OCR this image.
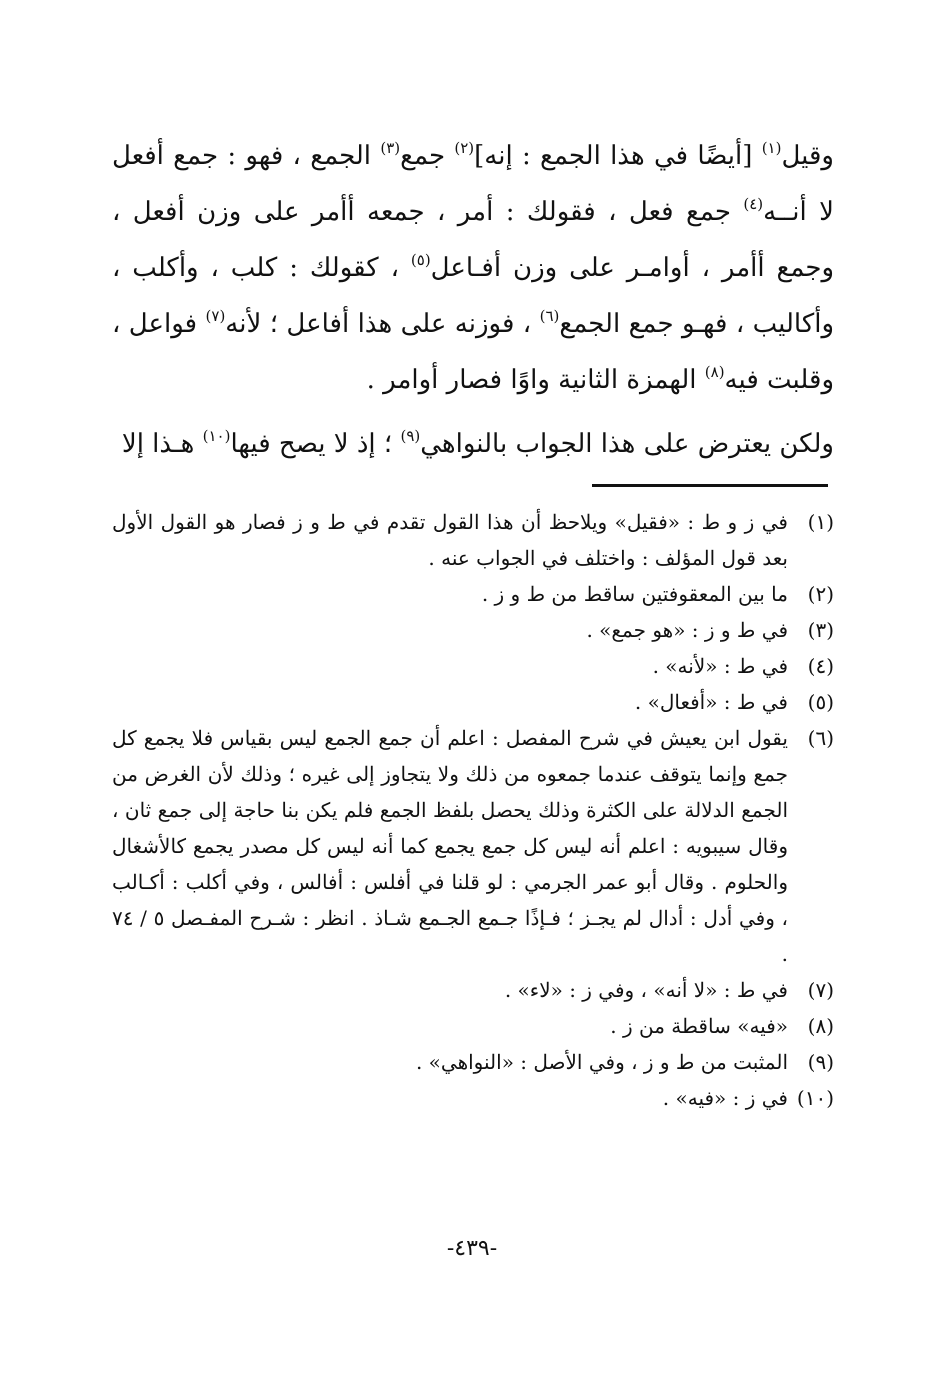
وقيل$^{(١)}$ [أيضًا في هذا الجمع : إنه]$^{(٢)}$ جمع$^{(٣)}$ الجمع ، فهو : جمع أفعل لا أنــه$^{(٤)}$ جمع فعل ، فقولك : أمر ، جمعه أأمر على وزن أفعل ، وجمع أأمر ، أوامـر على وزن أفـاعل$^{(٥)}$ ، كقولك : كلب ، وأكلب ، وأكاليب ، فهـو جمع الجمع$^{(٦)}$ ، فوزنه على هذا أفاعل ؛ لأنه$^{(٧)}$ فواعل ، وقلبت فيه$^{(٨)}$ الهمزة الثانية واوًا فصار أوامر .

ولكن يعترض على هذا الجواب بالنواهي$^{(٩)}$ ؛ إذ لا يصح فيها$^{(١٠)}$ هـذا إلا

(١)
في ز و ط : «فقيل» ويلاحظ أن هذا القول تقدم في ط و ز فصار هو القول الأول بعد قول المؤلف : واختلف في الجواب عنه .
(٢)
ما بين المعقوفتين ساقط من ط و ز .
(٣)
في ط و ز : «هو جمع» .
(٤)
في ط : «لأنه» .
(٥)
في ط : «أفعال» .
(٦)
يقول ابن يعيش في شرح المفصل : اعلم أن جمع الجمع ليس بقياس فلا يجمع كل جمع وإنما يتوقف عندما جمعوه من ذلك ولا يتجاوز إلى غيره ؛ وذلك لأن الغرض من الجمع الدلالة على الكثرة وذلك يحصل بلفظ الجمع فلم يكن بنا حاجة إلى جمع ثان ، وقال سيبويه : اعلم أنه ليس كل جمع يجمع كما أنه ليس كل مصدر يجمع كالأشغال والحلوم . وقال أبو عمر الجرمي : لو قلنا في أفلس : أفالس ، وفي أكلب : أكـالب ، وفي أدل : أدال لم يجـز ؛ فـإذًا جـمع الجـمع شـاذ . انظر : شـرح المفـصل ٥ / ٧٤ .
(٧)
في ط : «لا أنه» ، وفي ز : «لاء» .
(٨)
«فيه» ساقطة من ز .
(٩)
المثبت من ط و ز ، وفي الأصل : «النواهي» .
(١٠)
في ز : «فيه» .
-٤٣٩-
